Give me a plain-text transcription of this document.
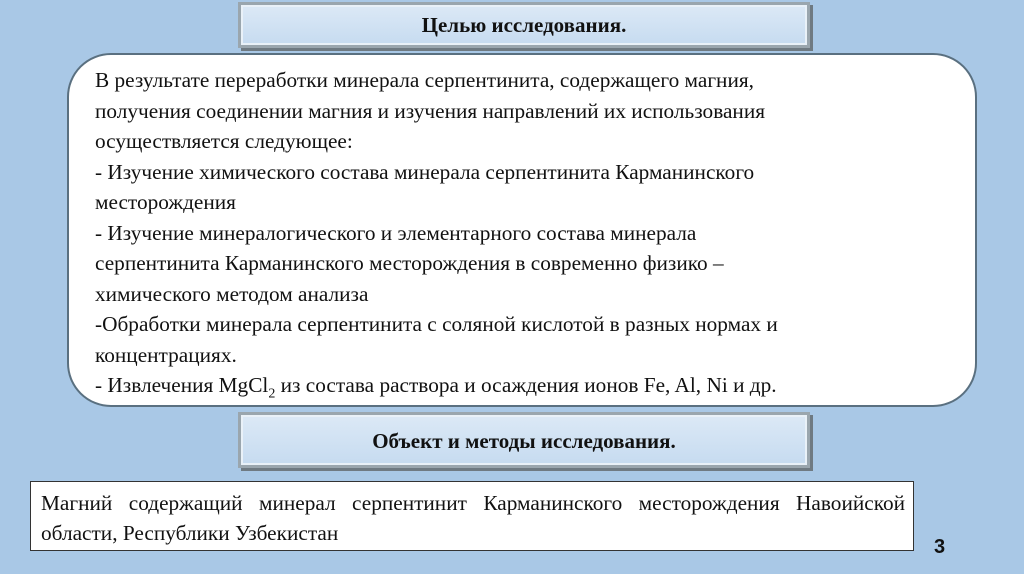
Целью исследования.

В результате переработки минерала серпентинита, содержащего магния,

получения соединении магния и изучения направлений их использования

осуществляется следующее:

- Изучение химического состава минерала серпентинита Карманинского

месторождения

- Изучение минералогического и элементарного состава минерала

серпентинита Карманинского месторождения в современно физико –

химического методом анализа

-Обработки минерала серпентинита с соляной кислотой в разных нормах и

концентрациях.

- Извлечения MgCl$_2$ из состава раствора и осаждения ионов Fe, Al, Ni и др.

Объект и методы исследования.
Магний содержащий минерал серпентинит Карманинского месторождения Навоийской области, Республики Узбекистан
3
